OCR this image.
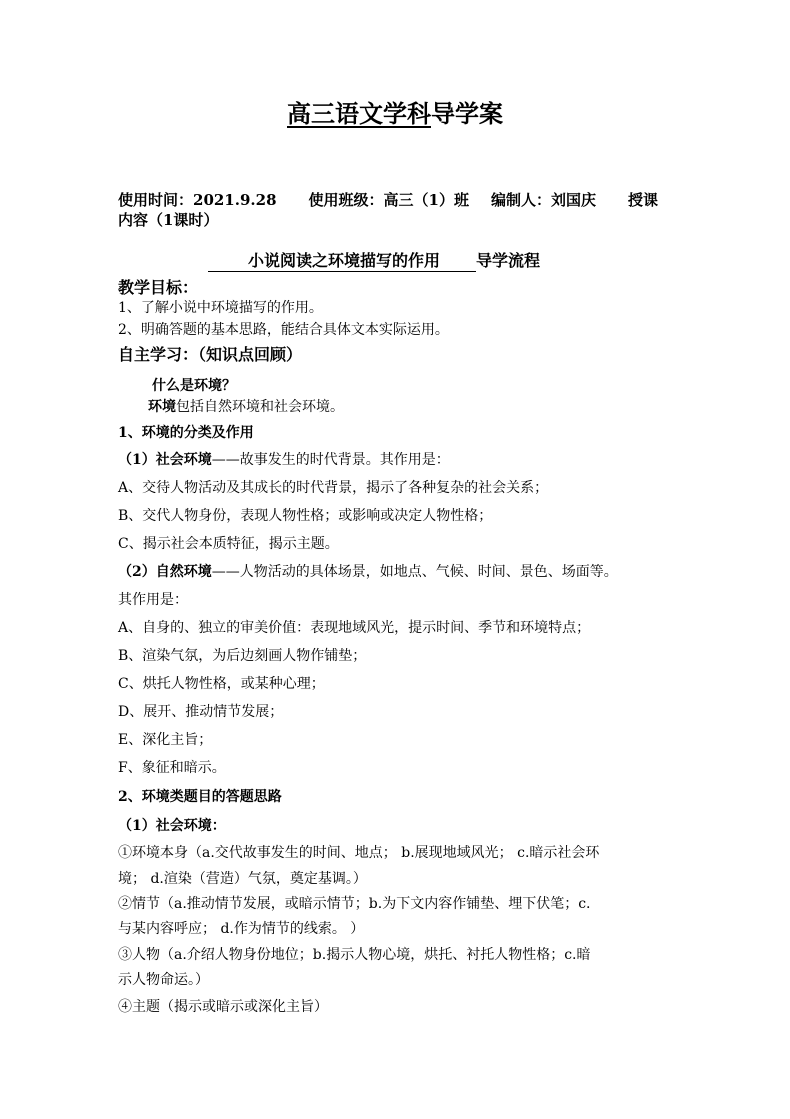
高三语文学科导学案
使用时间：2021.9.28 使用班级：高三（1）班 编制人：刘国庆 授课
内容（1课时）
小说阅读之环境描写的作用 导学流程
教学目标：
1、了解小说中环境描写的作用。
2、明确答题的基本思路，能结合具体文本实际运用。
自主学习：（知识点回顾）
什么是环境？
环境包括自然环境和社会环境。
1、环境的分类及作用
（1）社会环境——故事发生的时代背景。其作用是：
A、交待人物活动及其成长的时代背景，揭示了各种复杂的社会关系；
B、交代人物身份，表现人物性格；或影响或决定人物性格；
C、揭示社会本质特征，揭示主题。
（2）自然环境——人物活动的具体场景，如地点、气候、时间、景色、场面等。
其作用是：
A、自身的、独立的审美价值：表现地域风光，提示时间、季节和环境特点；
B、渲染气氛，为后边刻画人物作铺垫；
C、烘托人物性格，或某种心理；
D、展开、推动情节发展；
E、深化主旨；
F、象征和暗示。
2、环境类题目的答题思路
（1）社会环境：
①环境本身（a.交代故事发生的时间、地点； b.展现地域风光； c.暗示社会环
境； d.渲染（营造）气氛，奠定基调。）
②情节（a.推动情节发展，或暗示情节；b.为下文内容作铺垫、埋下伏笔；c.
与某内容呼应； d.作为情节的线索。 ）
③人物（a.介绍人物身份地位；b.揭示人物心境，烘托、衬托人物性格；c.暗
示人物命运。）
④主题（揭示或暗示或深化主旨）
